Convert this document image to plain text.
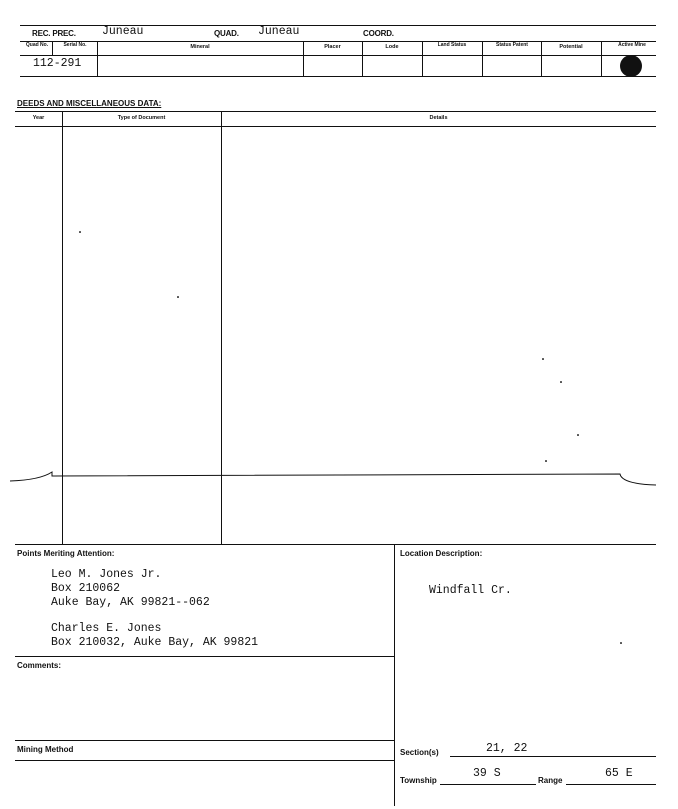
REC. PREC. Juneau	QUAD. Juneau	COORD.
Quad No.	Serial No.	Mineral	Placer	Lode	Land Status	Status Patent	Potential	Active Mine
112-291
DEEDS AND MISCELLANEOUS DATA:
Year	Type of Document	Details
Points Meriting Attention:
Leo M. Jones Jr.
Box 210062
Auke Bay, AK 99821--062
Charles E. Jones
Box 210032, Auke Bay, AK 99821
Location Description:
Windfall Cr.
Comments:
Mining Method	Section(s)	21, 22
Township
39 S
Range
65 E
